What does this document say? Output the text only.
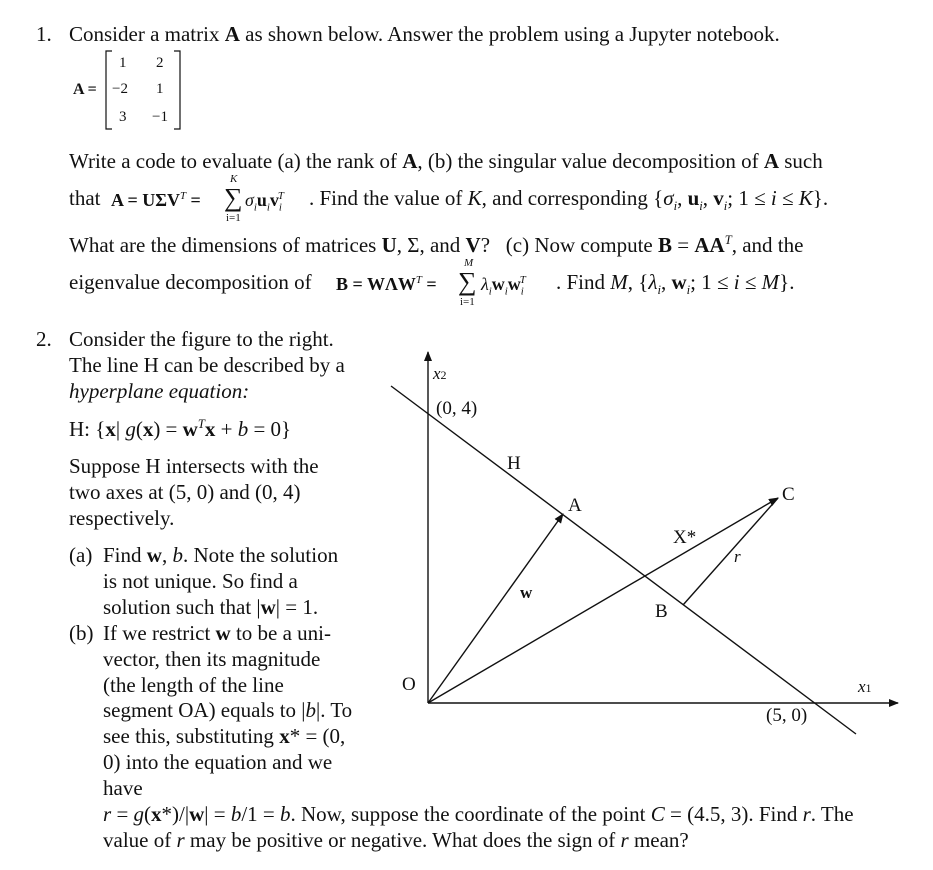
1. Consider a matrix A as shown below. Answer the problem using a Jupyter notebook.
A =
1 2
−2 1
3 −1
Write a code to evaluate (a) the rank of A, (b) the singular value decomposition of A such
that $A = U\Sigma V^T$ =
K
∑
i=1
$\sigma_iu_iv_i^T$ . Find the value of K, and corresponding {$\sigma_i$, $u_i$, $v_i$; 1 ≤ i ≤ K}.
What are the dimensions of matrices U, Σ, and V?   (c) Now compute $B = AA^T$, and the
eigenvalue decomposition of $B = W\Lambda W^T$ =
M
∑
i=1
$\lambda_iw_iw_i^T$ . Find M, {$\lambda_i$, $w_i$; 1 ≤ i ≤ M}.
2. Consider the figure to the right.
The line H can be described by a
hyperplane equation:
H: {x| $g(x) = w^Tx + b = 0$}
Suppose H intersects with the
two axes at (5, 0) and (0, 4)
respectively.
(a) Find w, b. Note the solution
is not unique. So find a
solution such that |w| = 1.
(b) If we restrict w to be a uni-
vector, then its magnitude
(the length of the line
segment OA) equals to |b|. To
see this, substituting x* = (0,
0) into the equation and we
have
r = g(x*)/|w| = b/1 = b. Now, suppose the coordinate of the point C = (4.5, 3). Find r. The
value of r may be positive or negative. What does the sign of r mean?
x2
(0, 4)
H
A
C
X*
r
w
B
O	x1
(5, 0)
